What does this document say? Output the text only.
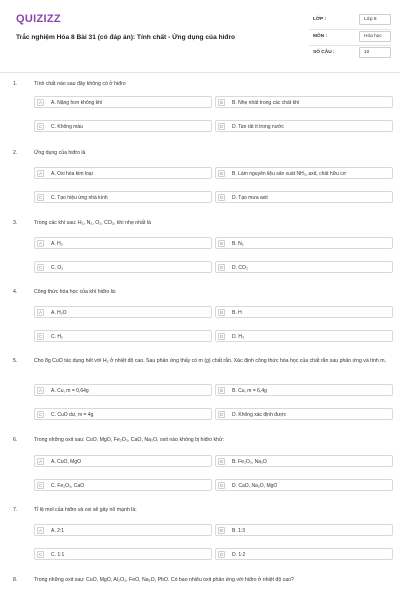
QUIZIZZ
Trắc nghiệm Hóa 8 Bài 31 (có đáp án): Tính chất - Ứng dụng của hiđro
LỚP :	Lớp 8
MÔN :	Hóa học
SỐ CÂU :	10
1.	Tính chất nào sau đây không có ở hiđro
A	A. Nặng hơn không khí	B	B. Nhẹ nhất trong các chất khí
C	C. Không màu	D	D. Tan rất ít trong nước
2.	Ứng dụng của hiđro là
A	A. Oxi hóa kim loại	B	B. Làm nguyên liệu sản xuất NH₃, axit, chất hữu cơ
C	C. Tạo hiệu ứng nhà kính	D	D. Tạo mưa axit
3.	Trong các khí sau: H₂, N₂, O₂, CO₂, khí nhẹ nhất là
A	A. H₂	B	B. N₂
C	C. O₂	D	D. CO₂
4.	Công thức hóa học của khí hiđro là:
A	A. H₂O	B	B. H
C	C. H₂	D	D. H₃
5.	Cho 8g CuO tác dụng hết với H₂ ở nhiệt độ cao. Sau phản ứng thấy có m (g) chất rắn. Xác định công thức hóa học của chất rắn sau phản ứng và tính m.
A	A. Cu, m = 0,64g	B	B. Cu, m = 6,4g
C	C. CuO dư, m = 4g	D	D. Không xác định được
6.	Trong những oxit sau: CuO, MgO, Fe₂O₃, CaO, Na₂O, oxit nào không bị hiđro khử:
A	A. CuO, MgO	B	B. Fe₂O₃, Na₂O
C	C. Fe₂O₃, CaO	D	D. CaO, Na₂O, MgO
7.	Tỉ lệ mol của hiđro và oxi sẽ gây nổ mạnh là:
A	A. 2:1	B	B. 1:3
C	C. 1:1	D	D. 1:2
8.	Trong những oxit sau: CuO, MgO, Al₂O₃, FeO, Na₂O, PbO. Có bao nhiêu oxit phản ứng với hiđro ở nhiệt độ cao?
